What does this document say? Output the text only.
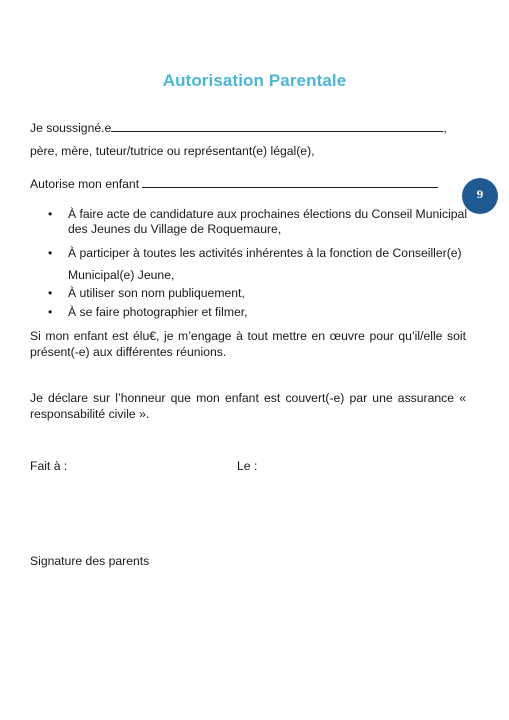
Autorisation Parentale
Je soussigné.e	,
père, mère, tuteur/tutrice ou représentant(e) légal(e),
Autorise mon enfant
9
• À faire acte de candidature aux prochaines élections du Conseil Municipal
des Jeunes du Village de Roquemaure,
• À participer à toutes les activités inhérentes à la fonction de Conseiller(e)
Municipal(e) Jeune,
• À utiliser son nom publiquement,
• À se faire photographier et filmer,
Si mon enfant est élu€, je m’engage à tout mettre en œuvre pour qu’il/elle soit présent(-e) aux différentes réunions.
Je déclare sur l’honneur que mon enfant est couvert(-e) par une assurance « responsabilité civile ».
Fait à :	Le :
Signature des parents
